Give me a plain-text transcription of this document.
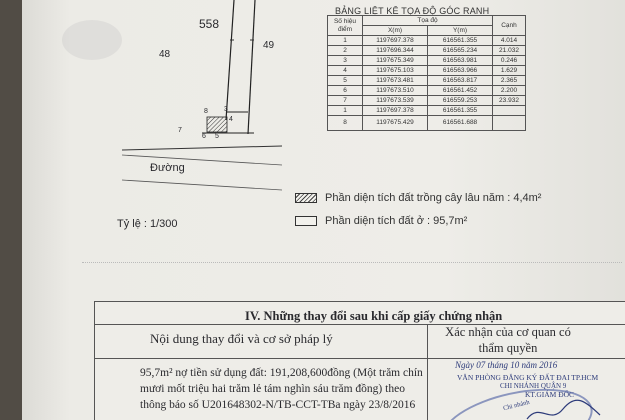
558
48
49
7
6 5
4
3
8
Đường
Phần diện tích đất trồng cây lâu năm : 4,4m²
Phần diện tích đất ở : 95,7m²
Tỷ lệ : 1/300
BẢNG LIỆT KÊ TỌA ĐỘ GÓC RANH
Số hiệu điểm	Tọa độ		Cạnh
	X(m)	Y(m)	
1	1197697.378	616561.355	4.014
2	1197696.344	616565.234	21.032
3	1197675.349	616563.981	0.246
4	1197675.103	616563.966	1.629
5	1197673.481	616563.817	2.365
6	1197673.510	616561.452	2.200
7	1197673.539	616559.253	23.932
1	1197697.378	616561.355	
8	1197675.429	616561.688	
IV. Những thay đổi sau khi cấp giấy chứng nhận
Nội dung thay đổi và cơ sở pháp lý	Xác nhận của cơ quan có thẩm quyền
95,7m² nợ tiền sử dụng đất: 191,208,600đồng (Một trăm chín
mươi mốt triệu hai trăm lẻ tám nghìn sáu trăm đồng) theo
thông báo số U201648302-N/TB-CCT-TBa ngày 23/8/2016
Ngày 07 tháng 10 năm 2016
VĂN PHÒNG ĐĂNG KÝ ĐẤT ĐAI TP.HCM
CHI NHÁNH QUẬN 9
KT.GIÁM ĐỐC
Chi nhánh
